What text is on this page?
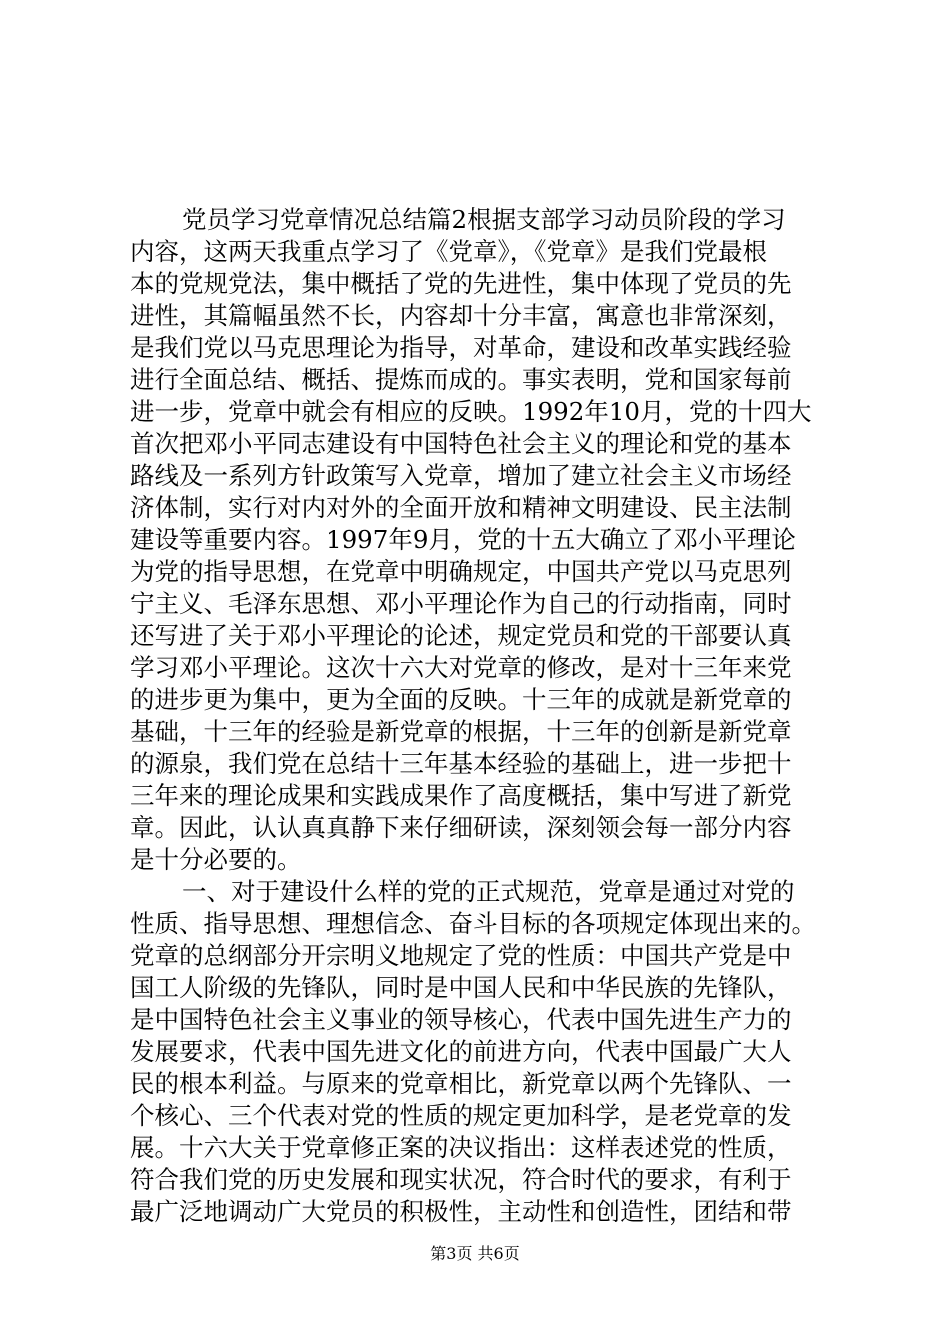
党员学习党章情况总结篇2根据支部学习动员阶段的学习
内容，这两天我重点学习了《党章》，《党章》是我们党最根
本的党规党法，集中概括了党的先进性，集中体现了党员的先
进性，其篇幅虽然不长，内容却十分丰富，寓意也非常深刻，
是我们党以马克思理论为指导，对革命，建设和改革实践经验
进行全面总结、概括、提炼而成的。事实表明，党和国家每前
进一步，党章中就会有相应的反映。1992年10月，党的十四大
首次把邓小平同志建设有中国特色社会主义的理论和党的基本
路线及一系列方针政策写入党章，增加了建立社会主义市场经
济体制，实行对内对外的全面开放和精神文明建设、民主法制
建设等重要内容。1997年9月，党的十五大确立了邓小平理论
为党的指导思想，在党章中明确规定，中国共产党以马克思列
宁主义、毛泽东思想、邓小平理论作为自己的行动指南，同时
还写进了关于邓小平理论的论述，规定党员和党的干部要认真
学习邓小平理论。这次十六大对党章的修改，是对十三年来党
的进步更为集中，更为全面的反映。十三年的成就是新党章的
基础，十三年的经验是新党章的根据，十三年的创新是新党章
的源泉，我们党在总结十三年基本经验的基础上，进一步把十
三年来的理论成果和实践成果作了高度概括，集中写进了新党
章。因此，认认真真静下来仔细研读，深刻领会每一部分内容
是十分必要的。
一、对于建设什么样的党的正式规范，党章是通过对党的
性质、指导思想、理想信念、奋斗目标的各项规定体现出来的。
党章的总纲部分开宗明义地规定了党的性质：中国共产党是中
国工人阶级的先锋队，同时是中国人民和中华民族的先锋队，
是中国特色社会主义事业的领导核心，代表中国先进生产力的
发展要求，代表中国先进文化的前进方向，代表中国最广大人
民的根本利益。与原来的党章相比，新党章以两个先锋队、一
个核心、三个代表对党的性质的规定更加科学，是老党章的发
展。十六大关于党章修正案的决议指出：这样表述党的性质，
符合我们党的历史发展和现实状况，符合时代的要求，有利于
最广泛地调动广大党员的积极性，主动性和创造性，团结和带
第3页 共6页
